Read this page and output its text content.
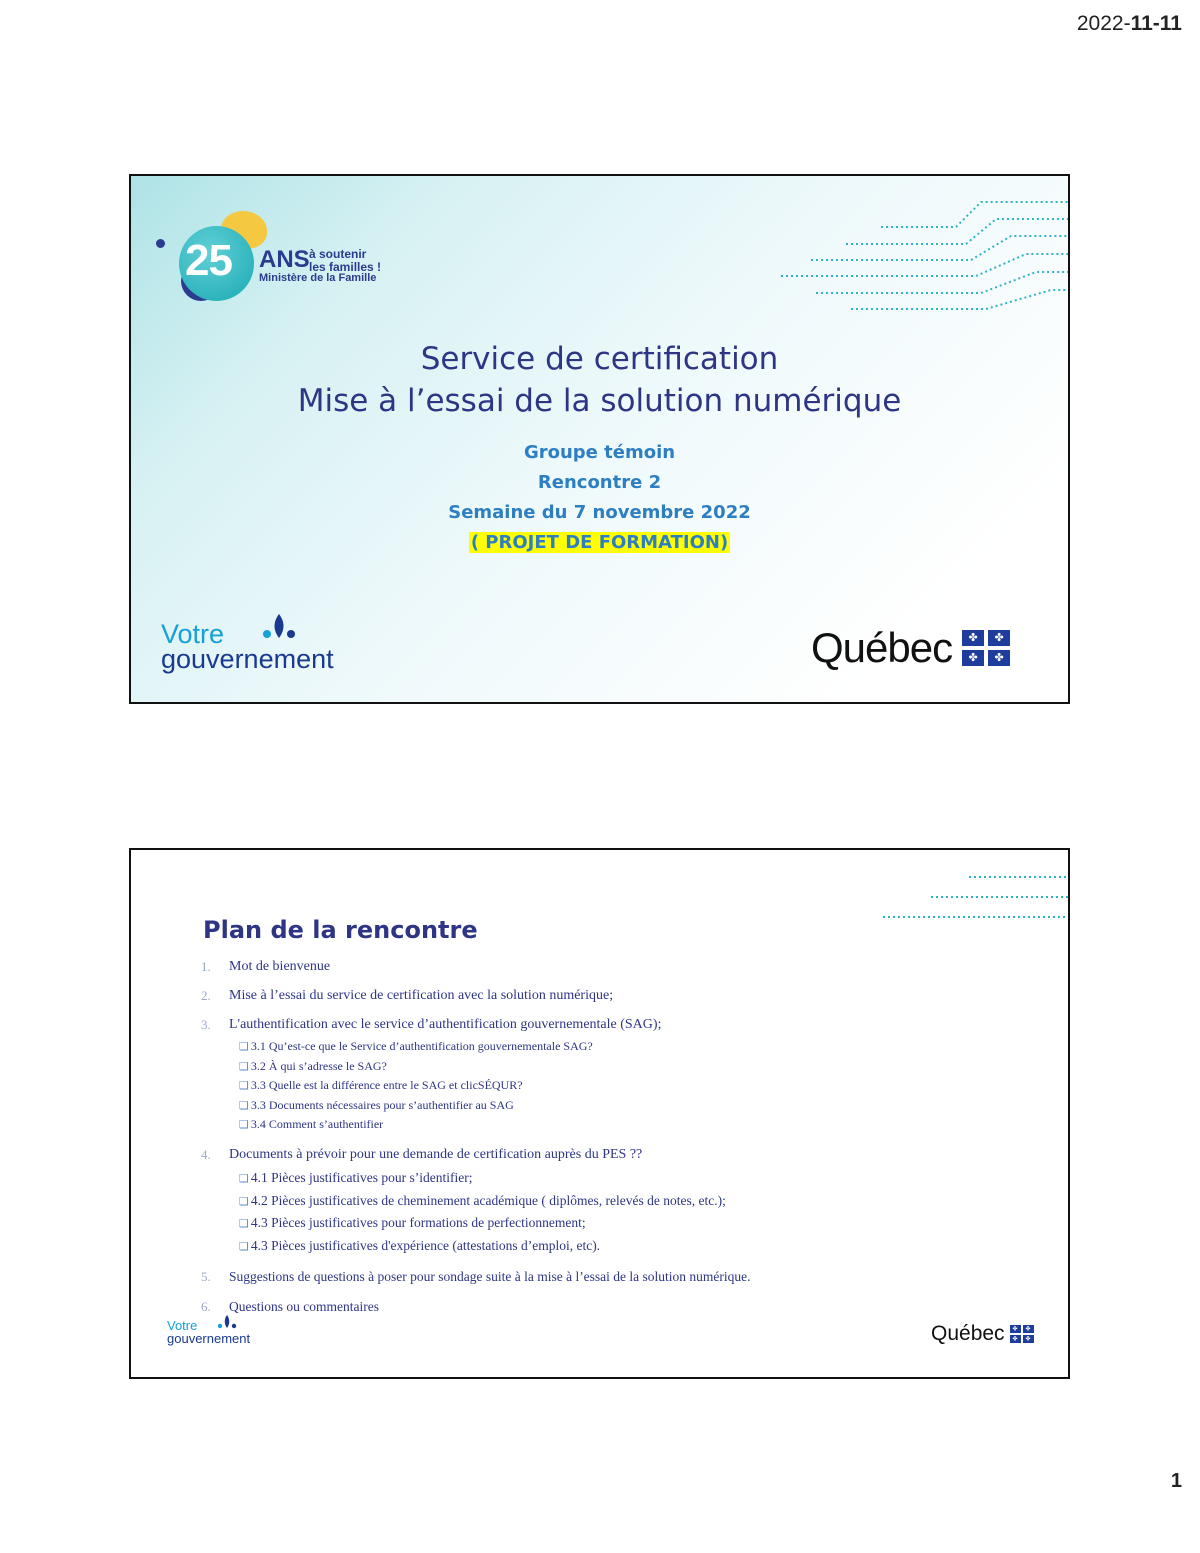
2022-11-11
25 ANS à soutenir
les familles !
Ministère de la Famille
Service de certification
Mise à l’essai de la solution numérique
Groupe témoin
Rencontre 2
Semaine du 7 novembre 2022
( PROJET DE FORMATION)
Votre
gouvernement	Québec
✤
✤
✤
✤
Plan de la rencontre
1. Mot de bienvenue
2. Mise à l’essai du service de certification avec la solution numérique;
3. L'authentification avec le service d’authentification gouvernementale (SAG);
❑ 3.1 Qu’est-ce que le Service d’authentification gouvernementale SAG?
❑ 3.2 À qui s’adresse le SAG?
❑ 3.3 Quelle est la différence entre le SAG et clicSÉQUR?
❑ 3.3 Documents nécessaires pour s’authentifier au SAG
❑ 3.4 Comment s’authentifier
4. Documents à prévoir pour une demande de certification auprès du PES ??
❑ 4.1 Pièces justificatives pour s’identifier;
❑ 4.2 Pièces justificatives de cheminement académique ( diplômes, relevés de notes, etc.);
❑ 4.3 Pièces justificatives pour formations de perfectionnement;
❑ 4.3 Pièces justificatives d'expérience (attestations d’emploi, etc).
5. Suggestions de questions à poser pour sondage suite à la mise à l’essai de la solution numérique.
6. Questions ou commentaires
Votre
gouvernement	Québec
✤
✤
✤
✤
1
